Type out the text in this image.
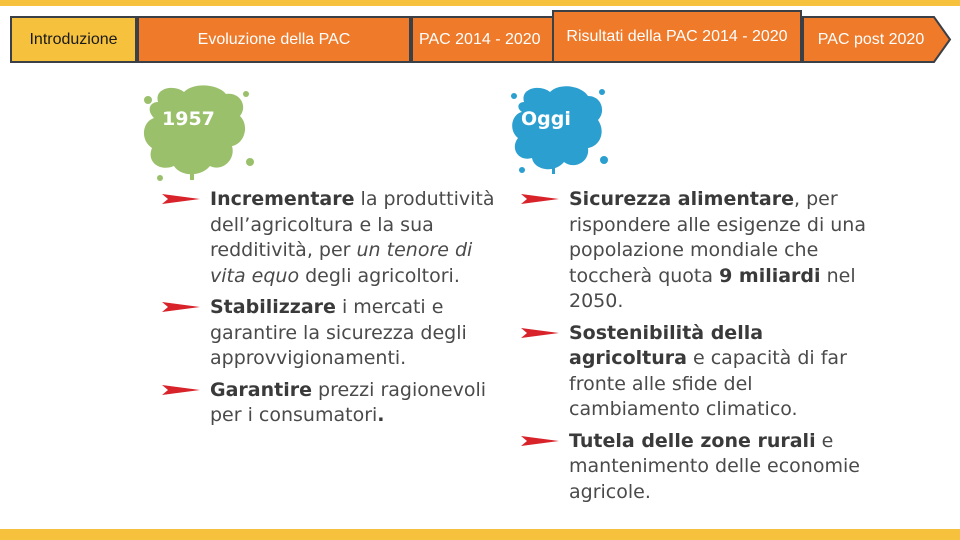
Introduzione	Evoluzione della PAC	PAC 2014 - 2020 Risultati della PAC 2014 - 2020 PAC post 2020
1957	Oggi
Incrementare la produttività dell’agricoltura e la sua redditività, per un tenore di vita equo degli agricoltori.
Stabilizzare i mercati e garantire la sicurezza degli approvvigionamenti.
Garantire prezzi ragionevoli per i consumatori.
Sicurezza alimentare, per rispondere alle esigenze di una popolazione mondiale che toccherà quota 9 miliardi nel 2050.
Sostenibilità della agricoltura e capacità di far fronte alle sfide del cambiamento climatico.
Tutela delle zone rurali e mantenimento delle economie agricole.
